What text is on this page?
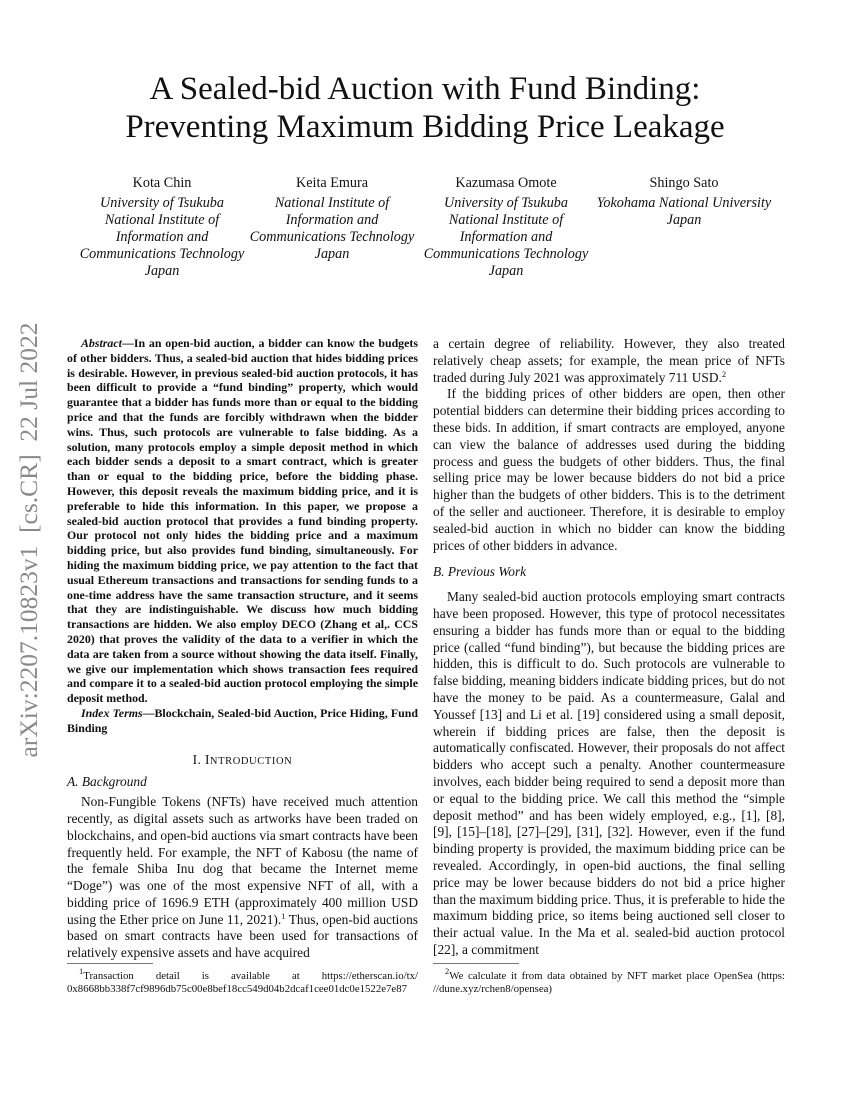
arXiv:2207.10823v1  [cs.CR]  22 Jul 2022
A Sealed-bid Auction with Fund Binding:
Preventing Maximum Bidding Price Leakage
Kota Chin
University of Tsukuba
National Institute of
Information and
Communications Technology
Japan
Keita Emura
National Institute of
Information and
Communications Technology
Japan
Kazumasa Omote
University of Tsukuba
National Institute of
Information and
Communications Technology
Japan
Shingo Sato
Yokohama National University
Japan

Abstract—In an open-bid auction, a bidder can know the budgets of other bidders. Thus, a sealed-bid auction that hides bidding prices is desirable. However, in previous sealed-bid auction protocols, it has been difficult to provide a “fund binding” property, which would guarantee that a bidder has funds more than or equal to the bidding price and that the funds are forcibly withdrawn when the bidder wins. Thus, such protocols are vulnerable to false bidding. As a solution, many protocols employ a simple deposit method in which each bidder sends a deposit to a smart contract, which is greater than or equal to the bidding price, before the bidding phase. However, this deposit reveals the maximum bidding price, and it is preferable to hide this information. In this paper, we propose a sealed-bid auction protocol that provides a fund binding property. Our protocol not only hides the bidding price and a maximum bidding price, but also provides fund binding, simultaneously. For hiding the maximum bidding price, we pay attention to the fact that usual Ethereum transactions and transactions for sending funds to a one-time address have the same transaction structure, and it seems that they are indistinguishable. We discuss how much bidding transactions are hidden. We also employ DECO (Zhang et al,. CCS 2020) that proves the validity of the data to a verifier in which the data are taken from a source without showing the data itself. Finally, we give our implementation which shows transaction fees required and compare it to a sealed-bid auction protocol employing the simple deposit method.

Index Terms—Blockchain, Sealed-bid Auction, Price Hiding, Fund Binding

I. INTRODUCTION
A. Background

Non-Fungible Tokens (NFTs) have received much attention recently, as digital assets such as artworks have been traded on blockchains, and open-bid auctions via smart contracts have been frequently held. For example, the NFT of Kabosu (the name of the female Shiba Inu dog that became the Internet meme “Doge”) was one of the most expensive NFT of all, with a bidding price of 1696.9 ETH (approximately 400 million USD using the Ether price on June 11, 2021).$^1$ Thus, open-bid auctions based on smart contracts have been used for transactions of relatively expensive assets and have acquired

a certain degree of reliability. However, they also treated relatively cheap assets; for example, the mean price of NFTs traded during July 2021 was approximately 711 USD.$^2$

If the bidding prices of other bidders are open, then other potential bidders can determine their bidding prices according to these bids. In addition, if smart contracts are employed, anyone can view the balance of addresses used during the bidding process and guess the budgets of other bidders. Thus, the final selling price may be lower because bidders do not bid a price higher than the budgets of other bidders. This is to the detriment of the seller and auctioneer. Therefore, it is desirable to employ sealed-bid auction in which no bidder can know the bidding prices of other bidders in advance.

B. Previous Work

Many sealed-bid auction protocols employing smart contracts have been proposed. However, this type of protocol necessitates ensuring a bidder has funds more than or equal to the bidding price (called “fund binding”), but because the bidding prices are hidden, this is difficult to do. Such protocols are vulnerable to false bidding, meaning bidders indicate bidding prices, but do not have the money to be paid. As a countermeasure, Galal and Youssef [13] and Li et al. [19] considered using a small deposit, wherein if bidding prices are false, then the deposit is automatically confiscated. However, their proposals do not affect bidders who accept such a penalty. Another countermeasure involves, each bidder being required to send a deposit more than or equal to the bidding price. We call this method the “simple deposit method” and has been widely employed, e.g., [1], [8], [9], [15]–[18], [27]–[29], [31], [32]. However, even if the fund binding property is provided, the maximum bidding price can be revealed. Accordingly, in open-bid auctions, the final selling price may be lower because bidders do not bid a price higher than the maximum bidding price. Thus, it is preferable to hide the maximum bidding price, so items being auctioned sell closer to their actual value. In the Ma et al. sealed-bid auction protocol [22], a commitment

$^1$Transaction detail is available at https://etherscan.io/tx/ 0x8668bb338f7cf9896db75c00e8bef18cc549d04b2dcaf1cee01dc0e1522e7e87
$^2$We calculate it from data obtained by NFT market place OpenSea (https: //dune.xyz/rchen8/opensea)
